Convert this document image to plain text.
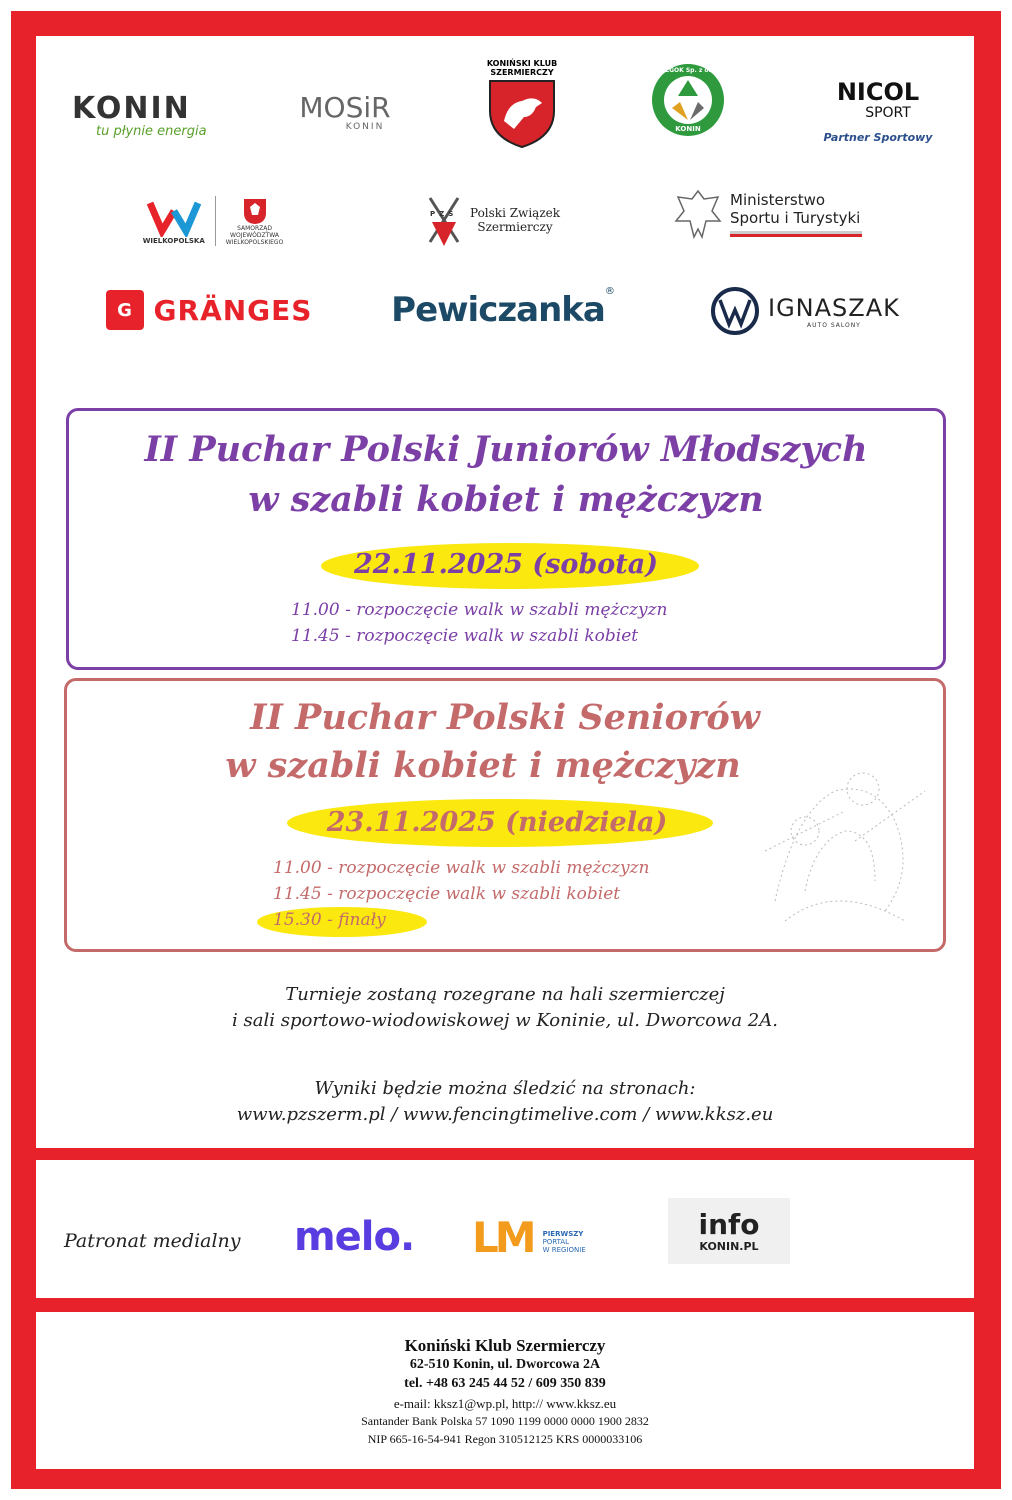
KONIN
tu płynie energia
MOSiR
KONIN
KONIŃSKI KLUB
SZERMIERCZY	MZGOK Sp. z o.o.
KONIN
NICOL
SPORT
Partner Sportowy
WIELKOPOLSKA
SAMORZĄD
WOJEWÓDZTWA
WIELKOPOLSKIEGO
PZS Polski Związek
Szermierczy
Ministerstwo
Sportu i Turystyki
G GRÄNGES Pewiczanka ®
IGNASZAK
AUTO SALONY
II Puchar Polski Juniorów Młodszych
w szabli kobiet i mężczyzn
22.11.2025 (sobota)
11.00 - rozpoczęcie walk w szabli mężczyzn
11.45 - rozpoczęcie walk w szabli kobiet
II Puchar Polski Seniorów
w szabli kobiet i mężczyzn
23.11.2025 (niedziela)
11.00 - rozpoczęcie walk w szabli mężczyzn
11.45 - rozpoczęcie walk w szabli kobiet
15.30 - finały
Turnieje zostaną rozegrane na hali szermierczej
i sali sportowo-wiodowiskowej w Koninie, ul. Dworcowa 2A.
Wyniki będzie można śledzić na stronach:
www.pzszerm.pl / www.fencingtimelive.com / www.kksz.eu
Patronat medialny melo. LM PIERWSZY
PORTAL
W REGIONIE
info
KONIN.PL
Koniński Klub Szermierczy
62-510 Konin, ul. Dworcowa 2A
tel. +48 63 245 44 52 / 609 350 839
e-mail: kksz1@wp.pl, http:// www.kksz.eu
Santander Bank Polska 57 1090 1199 0000 0000 1900 2832
NIP 665-16-54-941 Regon 310512125 KRS 0000033106
